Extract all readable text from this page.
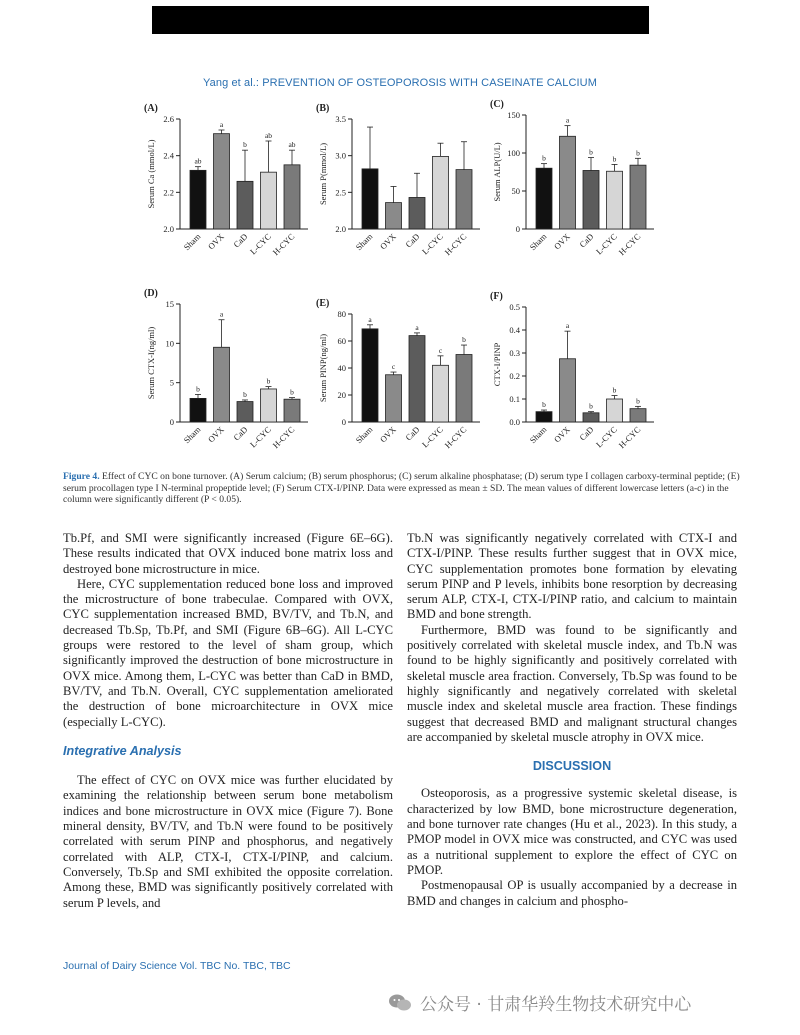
Yang et al.: PREVENTION OF OSTEOPOROSIS WITH CASEINATE CALCIUM
(A)
2.0
2.2
2.4
2.6
Serum Ca (mmol/L)	ab
Sham
a
OVX
b
CaD
ab
L-CYC
ab
H-CYC
(B)
2.0
2.5
3.0
3.5
Serum P(mmol/L)
Sham OVX CaD
L-CYC
H-CYC
(C)
0
50
100
150
Serum ALP(U/L)	b
Sham
a
OVX
b
CaD
b
L-CYC
b
H-CYC
(D)
0
5
10
15
Serum CTX-I(ng/ml)	b
Sham
a
OVX
b
CaD
b
L-CYC
b
H-CYC
(E)
0
20
40
60
80
Serum PINP(ng/ml)
a
Sham
c
OVX
a
CaD
c
L-CYC
b
H-CYC
(F)
0.0
0.1
0.2
0.3
0.4
0.5
CTX-I/PINP
b
Sham
a
OVX
b
CaD
b
L-CYC
b
H-CYC
Figure 4. Effect of CYC on bone turnover. (A) Serum calcium; (B) serum phosphorus; (C) serum alkaline phosphatase; (D) serum type I collagen carboxy-terminal peptide; (E) serum procollagen type I N-terminal propeptide level; (F) Serum CTX-I/PINP. Data were expressed as mean ± SD. The mean values of different lowercase letters (a-c) in the column were significantly different (P < 0.05).

Tb.Pf, and SMI were significantly increased (Figure 6E–6G). These results indicated that OVX induced bone matrix loss and destroyed bone microstructure in mice.

Here, CYC supplementation reduced bone loss and improved the microstructure of bone trabeculae. Compared with OVX, CYC supplementation increased BMD, BV/TV, and Tb.N, and decreased Tb.Sp, Tb.Pf, and SMI (Figure 6B–6G). All L-CYC groups were restored to the level of sham group, which significantly improved the destruction of bone microstructure in OVX mice. Among them, L-CYC was better than CaD in BMD, BV/TV, and Tb.N. Overall, CYC supplementation ameliorated the destruction of bone microarchitecture in OVX mice (especially L-CYC).

Integrative Analysis

The effect of CYC on OVX mice was further elucidated by examining the relationship between serum bone metabolism indices and bone microstructure in OVX mice (Figure 7). Bone mineral density, BV/TV, and Tb.N were found to be positively correlated with serum PINP and phosphorus, and negatively correlated with ALP, CTX-I, CTX-I/PINP, and calcium. Conversely, Tb.Sp and SMI exhibited the opposite correlation. Among these, BMD was significantly positively correlated with serum P levels, and

Tb.N was significantly negatively correlated with CTX-I and CTX-I/PINP. These results further suggest that in OVX mice, CYC supplementation promotes bone formation by elevating serum PINP and P levels, inhibits bone resorption by decreasing serum ALP, CTX-I, CTX-I/PINP ratio, and calcium to maintain BMD and bone strength.

Furthermore, BMD was found to be significantly and positively correlated with skeletal muscle index, and Tb.N was found to be highly significantly and positively correlated with skeletal muscle area fraction. Conversely, Tb.Sp was found to be highly significantly and negatively correlated with skeletal muscle index and skeletal muscle area fraction. These findings suggest that decreased BMD and malignant structural changes are accompanied by skeletal muscle atrophy in OVX mice.

DISCUSSION

Osteoporosis, as a progressive systemic skeletal disease, is characterized by low BMD, bone microstructure degeneration, and bone turnover rate changes (Hu et al., 2023). In this study, a PMOP model in OVX mice was constructed, and CYC was used as a nutritional supplement to explore the effect of CYC on PMOP.

Postmenopausal OP is usually accompanied by a decrease in BMD and changes in calcium and phospho-

Journal of Dairy Science Vol. TBC No. TBC, TBC
公众号 · 甘肃华羚生物技术研究中心
